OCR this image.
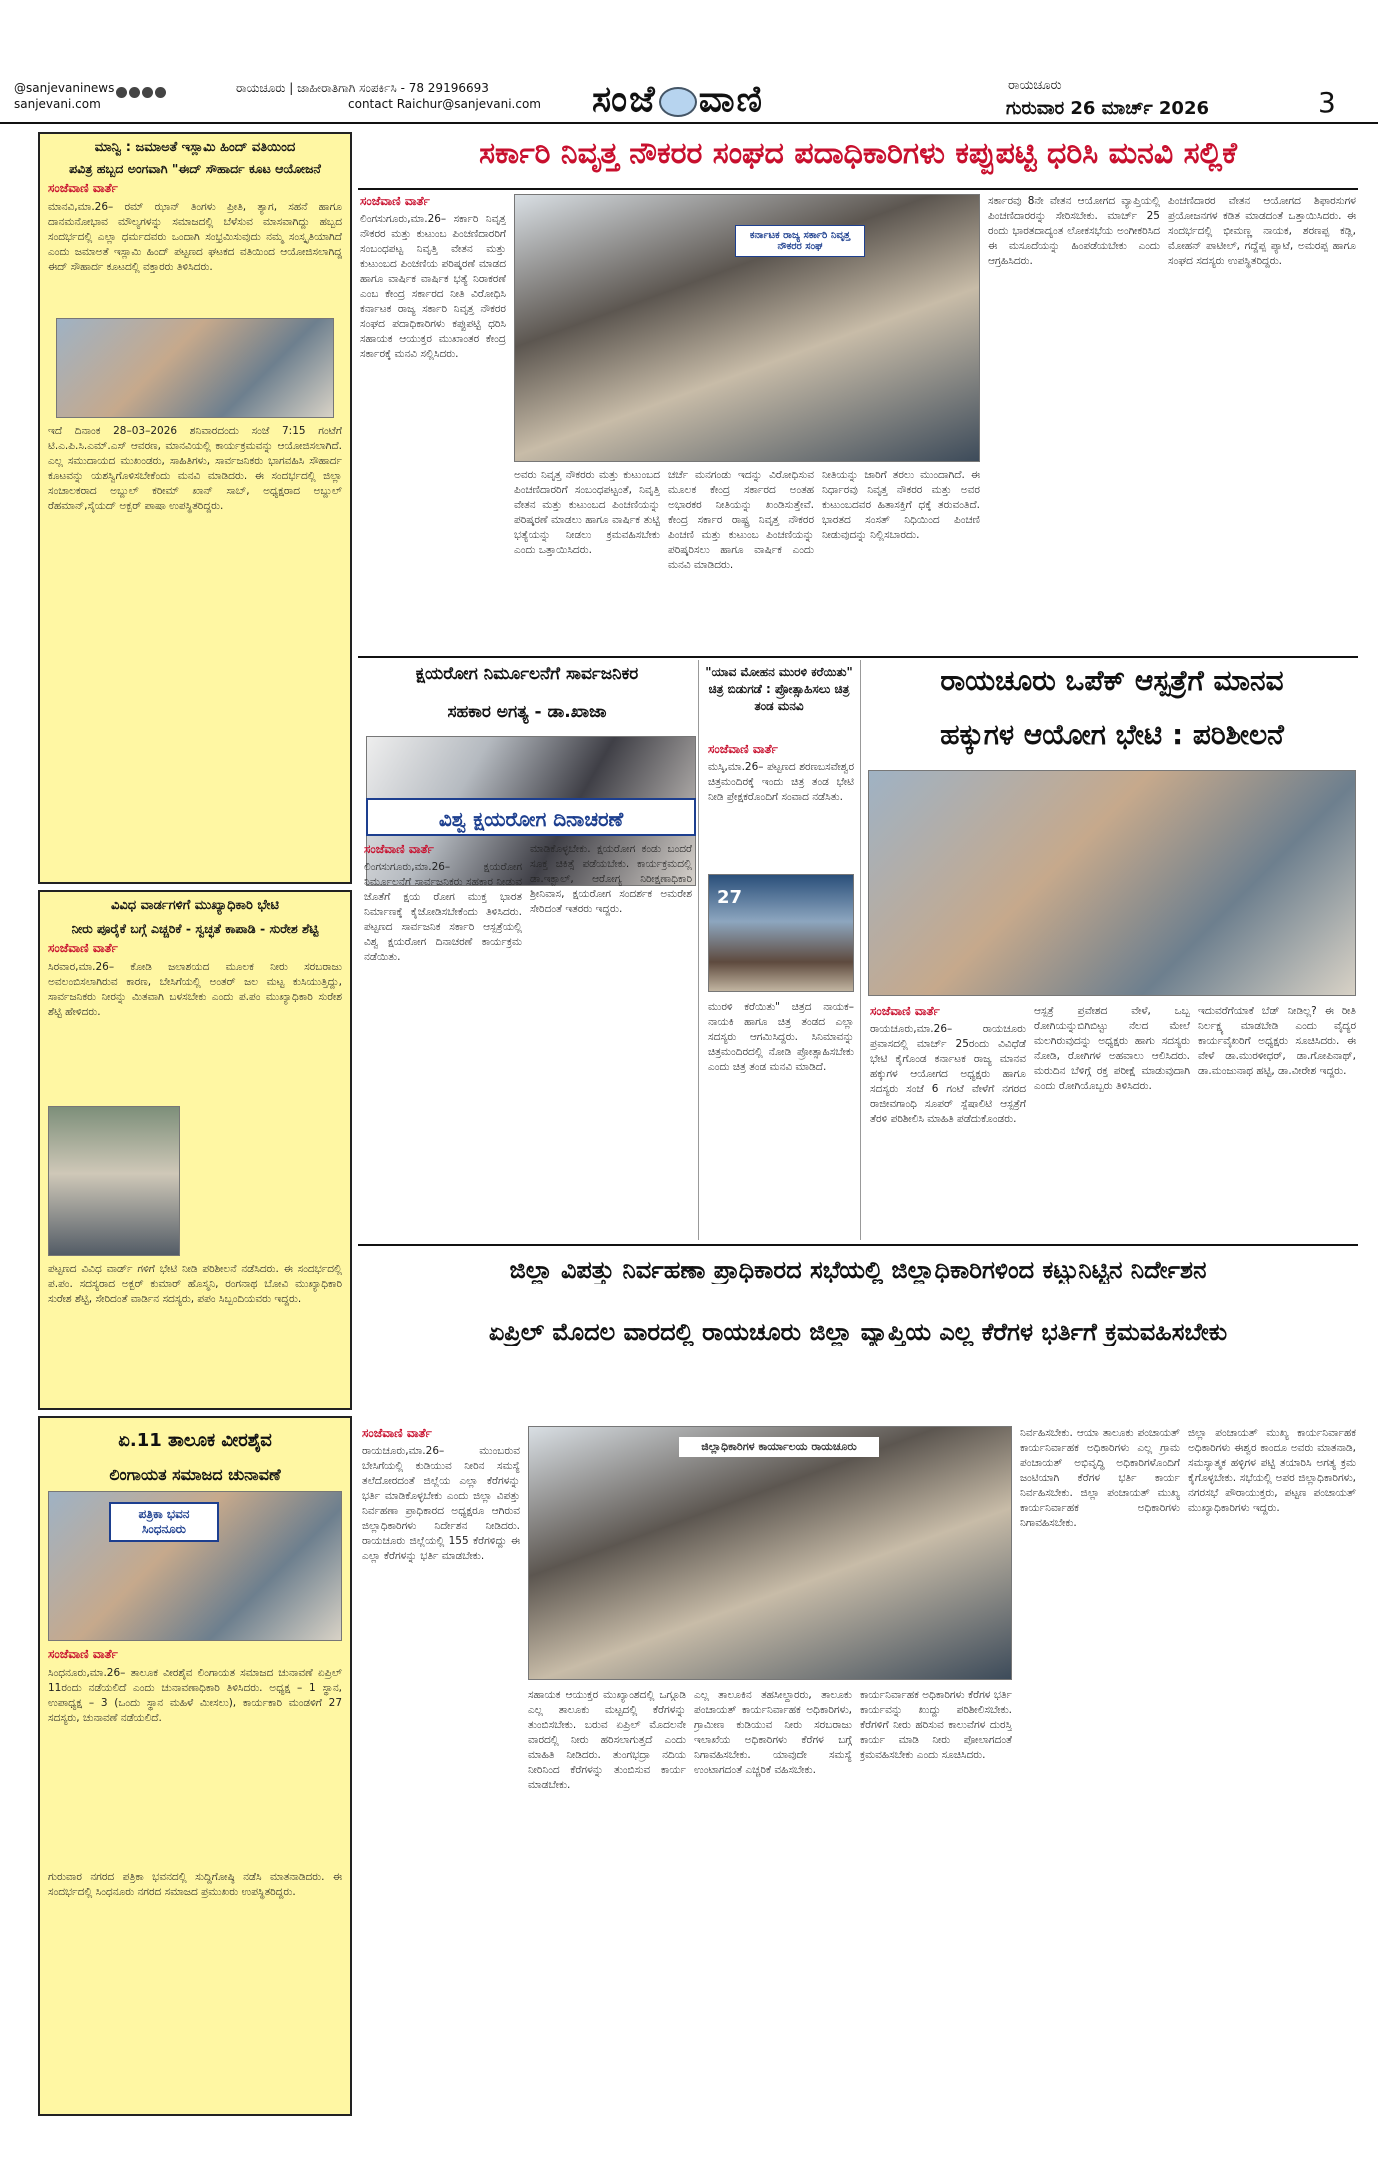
@sanjevaninews
sanjevani.com
ರಾಯಚೂರು | ಜಾಹೀರಾತಿಗಾಗಿ ಸಂಪರ್ಕಿಸಿ - 78 29196693
contact Raichur@sanjevani.com ಸಂಜೆ ವಾಣಿ	ರಾಯಚೂರು
ಗುರುವಾರ 26 ಮಾರ್ಚ್ 2026	3
ಮಾನ್ವಿ : ಜಮಾಅತೆ ಇಸ್ಲಾಮಿ ಹಿಂದ್ ವತಿಯಿಂದ
ಪವಿತ್ರ ಹಬ್ಬದ ಅಂಗವಾಗಿ "ಈದ್ ಸೌಹಾರ್ದ ಕೂಟ ಆಯೋಜನೆ
ಸಂಜೆವಾಣಿ ವಾರ್ತೆ
ಮಾನವಿ,ಮಾ.26– ರಮ್ ಝಾನ್ ತಿಂಗಳು ಪ್ರೀತಿ, ತ್ಯಾಗ, ಸಹನೆ ಹಾಗೂ ದಾನಮನೋಭಾವ ಮೌಲ್ಯಗಳನ್ನು ಸಮಾಜದಲ್ಲಿ ಬೆಳೆಸುವ ಮಾಸವಾಗಿದ್ದು ಹಬ್ಬದ ಸಂದರ್ಭದಲ್ಲಿ ಎಲ್ಲಾ ಧರ್ಮದವರು ಒಂದಾಗಿ ಸಂಭ್ರಮಿಸುವುದು ನಮ್ಮ ಸಂಸ್ಕೃತಿಯಾಗಿದೆ ಎಂದು ಜಮಾಅತೆ ಇಸ್ಲಾಮಿ ಹಿಂದ್ ಪಟ್ಟಣದ ಘಟಕದ ವತಿಯಿಂದ ಆಯೋಜಿಸಲಾಗಿದ್ದ ಈದ್ ಸೌಹಾರ್ದ ಕೂಟದಲ್ಲಿ ವಕ್ತಾರರು ತಿಳಿಸಿದರು.
ಇದೆ ದಿನಾಂಕ 28–03–2026 ಶನಿವಾರದಂದು ಸಂಜೆ 7:15 ಗಂಟೆಗೆ ಟಿ.ಎ.ಪಿ.ಸಿ.ಎಮ್.ಎಸ್ ಆವರಣ, ಮಾನವಿಯಲ್ಲಿ ಕಾರ್ಯಕ್ರಮವನ್ನು ಆಯೋಜಿಸಲಾಗಿದೆ. ಎಲ್ಲ ಸಮುದಾಯದ ಮುಖಂಡರು, ಸಾಹಿತಿಗಳು, ಸಾರ್ವಜನಿಕರು ಭಾಗವಹಿಸಿ ಸೌಹಾರ್ದ ಕೂಟವನ್ನು ಯಶಸ್ವಿಗೊಳಿಸಬೇಕೆಂದು ಮನವಿ ಮಾಡಿದರು. ಈ ಸಂದರ್ಭದಲ್ಲಿ ಜಿಲ್ಲಾ ಸಂಚಾಲಕರಾದ ಅಬ್ದುಲ್ ಕರೀಮ್ ಖಾನ್ ಸಾಬ್, ಅಧ್ಯಕ್ಷರಾದ ಅಬ್ದುಲ್ ರೆಹಮಾನ್,ಸೈಯದ್ ಅಕ್ಬರ್ ಪಾಷಾ ಉಪಸ್ಥಿತರಿದ್ದರು.
ವಿವಿಧ ವಾರ್ಡಗಳಿಗೆ ಮುಖ್ಯಾಧಿಕಾರಿ ಭೇಟಿ
ನೀರು ಪೂರೈಕೆ ಬಗ್ಗೆ ಎಚ್ಚರಿಕೆ - ಸ್ವಚ್ಛತೆ ಕಾಪಾಡಿ - ಸುರೇಶ ಶೆಟ್ಟಿ
ಸಂಜೆವಾಣಿ ವಾರ್ತೆ
ಸಿರವಾರ,ಮಾ.26– ಕೋಡಿ ಜಲಾಶಯದ ಮೂಲಕ ನೀರು ಸರಬರಾಜು ಅವಲಂಬಿಸಲಾಗಿರುವ ಕಾರಣ, ಬೇಸಿಗೆಯಲ್ಲಿ ಅಂತರ್ ಜಲ ಮಟ್ಟ ಕುಸಿಯುತ್ತಿದ್ದು, ಸಾರ್ವಜನಿಕರು ನೀರನ್ನು ಮಿತವಾಗಿ ಬಳಸಬೇಕು ಎಂದು ಪ.ಪಂ ಮುಖ್ಯಾಧಿಕಾರಿ ಸುರೇಶ ಶೆಟ್ಟಿ ಹೇಳಿದರು.
ಪಟ್ಟಣದ ವಿವಿಧ ವಾರ್ಡ್ ಗಳಿಗೆ ಭೇಟಿ ನೀಡಿ ಪರಿಶೀಲನೆ ನಡೆಸಿದರು. ಈ ಸಂದರ್ಭದಲ್ಲಿ ಪ.ಪಂ. ಸದಸ್ಯರಾದ ಅಕ್ಬರ್ ಕುಮಾರ್ ಹೊಸ್ಮನಿ, ರಂಗನಾಥ ಬೋವಿ ಮುಖ್ಯಾಧಿಕಾರಿ ಸುರೇಶ ಶೆಟ್ಟಿ, ಸೇರಿದಂತೆ ವಾರ್ಡಿನ ಸದಸ್ಯರು, ಪಪಂ ಸಿಬ್ಬಂದಿಯವರು ಇದ್ದರು.
ಏ.11 ತಾಲೂಕ ವೀರಶೈವ
ಲಿಂಗಾಯತ ಸಮಾಜದ ಚುನಾವಣೆ
ಪತ್ರಿಕಾ ಭವನ ಸಿಂಧನೂರು
ಸಂಜೆವಾಣಿ ವಾರ್ತೆ
ಸಿಂಧನೂರು,ಮಾ.26– ತಾಲೂಕ ವೀರಶೈವ ಲಿಂಗಾಯತ ಸಮಾಜದ ಚುನಾವಣೆ ಏಪ್ರಿಲ್ 11ರಂದು ನಡೆಯಲಿದೆ ಎಂದು ಚುನಾವಣಾಧಿಕಾರಿ ತಿಳಿಸಿದರು. ಅಧ್ಯಕ್ಷ – 1 ಸ್ಥಾನ, ಉಪಾಧ್ಯಕ್ಷ – 3 (ಒಂದು ಸ್ಥಾನ ಮಹಿಳೆ ಮೀಸಲು), ಕಾರ್ಯಕಾರಿ ಮಂಡಳಿಗೆ 27 ಸದಸ್ಯರು, ಚುನಾವಣೆ ನಡೆಯಲಿದೆ.
ಗುರುವಾರ ನಗರದ ಪತ್ರಿಕಾ ಭವನದಲ್ಲಿ ಸುದ್ದಿಗೋಷ್ಠಿ ನಡೆಸಿ ಮಾತನಾಡಿದರು. ಈ ಸಂದರ್ಭದಲ್ಲಿ ಸಿಂಧನೂರು ನಗರದ ಸಮಾಜದ ಪ್ರಮುಖರು ಉಪಸ್ಥಿತರಿದ್ದರು.
ಸರ್ಕಾರಿ ನಿವೃತ್ತ ನೌಕರರ ಸಂಘದ ಪದಾಧಿಕಾರಿಗಳು ಕಪ್ಪುಪಟ್ಟಿ ಧರಿಸಿ ಮನವಿ ಸಲ್ಲಿಕೆ
ಸಂಜೆವಾಣಿ ವಾರ್ತೆ
ಲಿಂಗಸುಗೂರು,ಮಾ.26– ಸರ್ಕಾರಿ ನಿವೃತ್ತ ನೌಕರರ ಮತ್ತು ಕುಟುಂಬ ಪಿಂಚಣಿದಾರರಿಗೆ ಸಂಬಂಧಪಟ್ಟ ನಿವೃತ್ತಿ ವೇತನ ಮತ್ತು ಕುಟುಂಬದ ಪಿಂಚಣಿಯ ಪರಿಷ್ಕರಣೆ ಮಾಡದ ಹಾಗೂ ವಾರ್ಷಿಕ ವಾರ್ಷಿಕ ಭತ್ಯೆ ನಿರಾಕರಣೆ ಎಂಬ ಕೇಂದ್ರ ಸರ್ಕಾರದ ನೀತಿ ವಿರೋಧಿಸಿ ಕರ್ನಾಟಕ ರಾಜ್ಯ ಸರ್ಕಾರಿ ನಿವೃತ್ತ ನೌಕರರ ಸಂಘದ ಪದಾಧಿಕಾರಿಗಳು ಕಪ್ಪುಪಟ್ಟಿ ಧರಿಸಿ ಸಹಾಯಕ ಆಯುಕ್ತರ ಮುಖಾಂತರ ಕೇಂದ್ರ ಸರ್ಕಾರಕ್ಕೆ ಮನವಿ ಸಲ್ಲಿಸಿದರು.
ಕರ್ನಾಟಕ ರಾಜ್ಯ ಸರ್ಕಾರಿ ನಿವೃತ್ತ ನೌಕರರ ಸಂಘ
ಅವರು ನಿವೃತ್ತ ನೌಕರರು ಮತ್ತು ಕುಟುಂಬದ ಪಿಂಚಣಿದಾರರಿಗೆ ಸಂಬಂಧಪಟ್ಟಂತೆ, ನಿವೃತ್ತಿ ವೇತನ ಮತ್ತು ಕುಟುಂಬದ ಪಿಂಚಣಿಯನ್ನು ಪರಿಷ್ಕರಣೆ ಮಾಡಲು ಹಾಗೂ ವಾರ್ಷಿಕ ತುಟ್ಟಿ ಭತ್ಯೆಯನ್ನು ನೀಡಲು ಕ್ರಮವಹಿಸಬೇಕು ಎಂದು ಒತ್ತಾಯಿಸಿದರು.
ಚರ್ಚೆ ಮನಗಂಡು ಇದನ್ನು ವಿರೋಧಿಸುವ ಮೂಲಕ ಕೇಂದ್ರ ಸರ್ಕಾರದ ಅಂತಹ ಅಭಾರಕರ ನೀತಿಯನ್ನು ಖಂಡಿಸುತ್ತೇವೆ. ಕೇಂದ್ರ ಸರ್ಕಾರ ರಾಷ್ಟ್ರ ನಿವೃತ್ತ ನೌಕರರ ಪಿಂಚಣಿ ಮತ್ತು ಕುಟುಂಬ ಪಿಂಚಣಿಯನ್ನು ಪರಿಷ್ಕರಿಸಲು ಹಾಗೂ ವಾರ್ಷಿಕ ಎಂದು ಮನವಿ ಮಾಡಿದರು.
ನೀತಿಯನ್ನು ಜಾರಿಗೆ ತರಲು ಮುಂದಾಗಿದೆ. ಈ ನಿರ್ಧಾರವು ನಿವೃತ್ತ ನೌಕರರ ಮತ್ತು ಅವರ ಕುಟುಂಬದವರ ಹಿತಾಸಕ್ತಿಗೆ ಧಕ್ಕೆ ತರುವಂತಿದೆ. ಭಾರತದ ಸಂಸತ್ ನಿಧಿಯಿಂದ ಪಿಂಚಣಿ ನೀಡುವುದನ್ನು ನಿಲ್ಲಿಸಬಾರದು.
ಸರ್ಕಾರವು 8ನೇ ವೇತನ ಆಯೋಗದ ವ್ಯಾಪ್ತಿಯಲ್ಲಿ ಪಿಂಚಣಿದಾರರನ್ನು ಸೇರಿಸಬೇಕು. ಮಾರ್ಚ್ 25 ರಂದು ಭಾರತದಾದ್ಯಂತ ಲೋಕಸಭೆಯ ಅಂಗೀಕರಿಸಿದ ಈ ಮಸೂದೆಯನ್ನು ಹಿಂಪಡೆಯಬೇಕು ಎಂದು ಆಗ್ರಹಿಸಿದರು.
ಪಿಂಚಣಿದಾರರ ವೇತನ ಆಯೋಗದ ಶಿಫಾರಸುಗಳ ಪ್ರಯೋಜನಗಳ ಕಡಿತ ಮಾಡದಂತೆ ಒತ್ತಾಯಿಸಿದರು. ಈ ಸಂದರ್ಭದಲ್ಲಿ ಭೀಮಣ್ಣ ನಾಯಕ, ಶರಣಪ್ಪ ಕಡ್ಲಿ, ಮೋಹನ್ ಪಾಟೀಲ್, ಗದ್ದೆಪ್ಪ ಪ್ಯಾಟೆ, ಅಮರಪ್ಪ ಹಾಗೂ ಸಂಘದ ಸದಸ್ಯರು ಉಪಸ್ಥಿತರಿದ್ದರು.
ಕ್ಷಯರೋಗ ನಿರ್ಮೂಲನೆಗೆ ಸಾರ್ವಜನಿಕರ
ಸಹಕಾರ ಅಗತ್ಯ - ಡಾ.ಖಾಜಾ
ವಿಶ್ವ ಕ್ಷಯರೋಗ ದಿನಾಚರಣೆ
ಸಂಜೆವಾಣಿ ವಾರ್ತೆ
ಲಿಂಗಸುಗೂರು,ಮಾ.26– ಕ್ಷಯರೋಗ ನಿರ್ಮೂಲನೆಗೆ ಸಾರ್ವಜನಿಕರು ಸಹಕಾರ ನೀಡುವ ಜೊತೆಗೆ ಕ್ಷಯ ರೋಗ ಮುಕ್ತ ಭಾರತ ನಿರ್ಮಾಣಕ್ಕೆ ಕೈಜೋಡಿಸಬೇಕೆಂದು ತಿಳಿಸಿದರು. ಪಟ್ಟಣದ ಸಾರ್ವಜನಿಕ ಸರ್ಕಾರಿ ಆಸ್ಪತ್ರೆಯಲ್ಲಿ ವಿಶ್ವ ಕ್ಷಯರೋಗ ದಿನಾಚರಣೆ ಕಾರ್ಯಕ್ರಮ ನಡೆಯಿತು.
ಮಾಡಿಕೊಳ್ಳಬೇಕು. ಕ್ಷಯರೋಗ ಕಂಡು ಬಂದರೆ ಸೂಕ್ತ ಚಿಕಿತ್ಸೆ ಪಡೆಯಬೇಕು. ಕಾರ್ಯಕ್ರಮದಲ್ಲಿ ಡಾ.ಇಕ್ಬಾಲ್, ಆರೋಗ್ಯ ನಿರೀಕ್ಷಣಾಧಿಕಾರಿ ಶ್ರೀನಿವಾಸ, ಕ್ಷಯರೋಗ ಸಂದರ್ಶಕ ಅಮರೇಶ ಸೇರಿದಂತೆ ಇತರರು ಇದ್ದರು.
"ಯಾವ ಮೋಹನ ಮುರಳಿ ಕರೆಯಿತು" ಚಿತ್ರ ಬಿಡುಗಡೆ : ಪ್ರೋತ್ಸಾಹಿಸಲು ಚಿತ್ರ ತಂಡ ಮನವಿ
ಸಂಜೆವಾಣಿ ವಾರ್ತೆ
ಮಸ್ಕಿ,ಮಾ.26– ಪಟ್ಟಣದ ಶರಣಬಸವೇಶ್ವರ ಚಿತ್ರಮಂದಿರಕ್ಕೆ ಇಂದು ಚಿತ್ರ ತಂಡ ಭೇಟಿ ನೀಡಿ ಪ್ರೇಕ್ಷಕರೊಂದಿಗೆ ಸಂವಾದ ನಡೆಸಿತು.
27
ಮುರಳಿ ಕರೆಯಿತು" ಚಿತ್ರದ ನಾಯಕ–ನಾಯಕಿ ಹಾಗೂ ಚಿತ್ರ ತಂಡದ ಎಲ್ಲಾ ಸದಸ್ಯರು ಆಗಮಿಸಿದ್ದರು. ಸಿನಿಮಾವನ್ನು ಚಿತ್ರಮಂದಿರದಲ್ಲಿ ನೋಡಿ ಪ್ರೋತ್ಸಾಹಿಸಬೇಕು ಎಂದು ಚಿತ್ರ ತಂಡ ಮನವಿ ಮಾಡಿದೆ.
ರಾಯಚೂರು ಒಪೆಕ್ ಆಸ್ಪತ್ರೆಗೆ ಮಾನವ
ಹಕ್ಕುಗಳ ಆಯೋಗ ಭೇಟಿ : ಪರಿಶೀಲನೆ
ಸಂಜೆವಾಣಿ ವಾರ್ತೆ
ರಾಯಚೂರು,ಮಾ.26– ರಾಯಚೂರು ಪ್ರವಾಸದಲ್ಲಿ ಮಾರ್ಚ್ 25ರಂದು ವಿವಿಧೆಡೆ ಭೇಟಿ ಕೈಗೊಂಡ ಕರ್ನಾಟಕ ರಾಜ್ಯ ಮಾನವ ಹಕ್ಕುಗಳ ಆಯೋಗದ ಅಧ್ಯಕ್ಷರು ಹಾಗೂ ಸದಸ್ಯರು ಸಂಜೆ 6 ಗಂಟೆ ವೇಳೆಗೆ ನಗರದ ರಾಜೀವಗಾಂಧಿ ಸೂಪರ್ ಸ್ಪೆಷಾಲಿಟಿ ಆಸ್ಪತ್ರೆಗೆ ತೆರಳಿ ಪರಿಶೀಲಿಸಿ ಮಾಹಿತಿ ಪಡೆದುಕೊಂಡರು.
ಆಸ್ಪತ್ರೆ ಪ್ರವೇಶದ ವೇಳೆ, ಒಬ್ಬ ರೋಗಿಯನ್ನುಬಿಗಿಬಿಟ್ಟು ನೆಲದ ಮೇಲೆ ಮಲಗಿರುವುದನ್ನು ಅಧ್ಯಕ್ಷರು ಹಾಗು ಸದಸ್ಯರು ನೋಡಿ, ರೋಗಿಗಳ ಅಹವಾಲು ಆಲಿಸಿದರು. ಮರುದಿನ ಬೆಳಿಗ್ಗೆ ರಕ್ತ ಪರೀಕ್ಷೆ ಮಾಡುವುದಾಗಿ ಎಂದು ರೋಗಿಯೊಬ್ಬರು ತಿಳಿಸಿದರು.
ಇದುವರೆಗೆಯಾಕೆ ಬೆಡ್ ನೀಡಿಲ್ಲ? ಈ ರೀತಿ ನಿರ್ಲಕ್ಷ್ಯ ಮಾಡಬೇಡಿ ಎಂದು ವೈದ್ಯರ ಕಾರ್ಯವೈಖರಿಗೆ ಅಧ್ಯಕ್ಷರು ಸೂಚಿಸಿದರು. ಈ ವೇಳೆ ಡಾ.ಮುರಳೀಧರ್, ಡಾ.ಗೋಪಿನಾಥ್, ಡಾ.ಮಂಜುನಾಥ ಹಟ್ಟಿ, ಡಾ.ವೀರೇಶ ಇದ್ದರು.
ಜಿಲ್ಲಾ ವಿಪತ್ತು ನಿರ್ವಹಣಾ ಪ್ರಾಧಿಕಾರದ ಸಭೆಯಲ್ಲಿ ಜಿಲ್ಲಾಧಿಕಾರಿಗಳಿಂದ ಕಟ್ಟುನಿಟ್ಟಿನ ನಿರ್ದೇಶನ
ಏಪ್ರಿಲ್ ಮೊದಲ ವಾರದಲ್ಲಿ ರಾಯಚೂರು ಜಿಲ್ಲಾ ವ್ಯಾಪ್ತಿಯ ಎಲ್ಲ ಕೆರೆಗಳ ಭರ್ತಿಗೆ ಕ್ರಮವಹಿಸಬೇಕು
ಸಂಜೆವಾಣಿ ವಾರ್ತೆ
ರಾಯಚೂರು,ಮಾ.26– ಮುಂಬರುವ ಬೇಸಿಗೆಯಲ್ಲಿ ಕುಡಿಯುವ ನೀರಿನ ಸಮಸ್ಯೆ ತಲೆದೋರದಂತೆ ಜಿಲ್ಲೆಯ ಎಲ್ಲಾ ಕೆರೆಗಳನ್ನು ಭರ್ತಿ ಮಾಡಿಕೊಳ್ಳಬೇಕು ಎಂದು ಜಿಲ್ಲಾ ವಿಪತ್ತು ನಿರ್ವಹಣಾ ಪ್ರಾಧಿಕಾರದ ಅಧ್ಯಕ್ಷರೂ ಆಗಿರುವ ಜಿಲ್ಲಾಧಿಕಾರಿಗಳು ನಿರ್ದೇಶನ ನೀಡಿದರು. ರಾಯಚೂರು ಜಿಲ್ಲೆಯಲ್ಲಿ 155 ಕೆರೆಗಳಿದ್ದು ಈ ಎಲ್ಲಾ ಕೆರೆಗಳನ್ನು ಭರ್ತಿ ಮಾಡಬೇಕು.
ಜಿಲ್ಲಾಧಿಕಾರಿಗಳ ಕಾರ್ಯಾಲಯ ರಾಯಚೂರು
ಸಹಾಯಕ ಆಯುಕ್ತರ ಮುಖ್ಯಾಂಶದಲ್ಲಿ ಒಗ್ಗೂಡಿ ಎಲ್ಲ ತಾಲೂಕು ಮಟ್ಟದಲ್ಲಿ ಕೆರೆಗಳನ್ನು ತುಂಬಿಸಬೇಕು. ಬರುವ ಏಪ್ರಿಲ್ ಮೊದಲನೇ ವಾರದಲ್ಲಿ ನೀರು ಹರಿಸಲಾಗುತ್ತದೆ ಎಂದು ಮಾಹಿತಿ ನೀಡಿದರು. ತುಂಗಭದ್ರಾ ನದಿಯ ನೀರಿನಿಂದ ಕೆರೆಗಳನ್ನು ತುಂಬಿಸುವ ಕಾರ್ಯ ಮಾಡಬೇಕು.
ಎಲ್ಲ ತಾಲೂಕಿನ ತಹಸೀಲ್ದಾರರು, ತಾಲೂಕು ಪಂಚಾಯತ್ ಕಾರ್ಯನಿರ್ವಾಹಕ ಅಧಿಕಾರಿಗಳು, ಗ್ರಾಮೀಣ ಕುಡಿಯುವ ನೀರು ಸರಬರಾಜು ಇಲಾಖೆಯ ಅಧಿಕಾರಿಗಳು ಕೆರೆಗಳ ಬಗ್ಗೆ ನಿಗಾವಹಿಸಬೇಕು. ಯಾವುದೇ ಸಮಸ್ಯೆ ಉಂಟಾಗದಂತೆ ಎಚ್ಚರಿಕೆ ವಹಿಸಬೇಕು.
ಕಾರ್ಯನಿರ್ವಾಹಕ ಅಧಿಕಾರಿಗಳು ಕೆರೆಗಳ ಭರ್ತಿ ಕಾರ್ಯವನ್ನು ಖುದ್ದು ಪರಿಶೀಲಿಸಬೇಕು. ಕೆರೆಗಳಿಗೆ ನೀರು ಹರಿಸುವ ಕಾಲುವೆಗಳ ದುರಸ್ತಿ ಕಾರ್ಯ ಮಾಡಿ ನೀರು ಪೋಲಾಗದಂತೆ ಕ್ರಮವಹಿಸಬೇಕು ಎಂದು ಸೂಚಿಸಿದರು.
ನಿರ್ವಹಿಸಬೇಕು. ಆಯಾ ತಾಲೂಕು ಪಂಚಾಯತ್ ಕಾರ್ಯನಿರ್ವಾಹಕ ಅಧಿಕಾರಿಗಳು ಎಲ್ಲ ಗ್ರಾಮ ಪಂಚಾಯತ್ ಅಭಿವೃದ್ಧಿ ಅಧಿಕಾರಿಗಳೊಂದಿಗೆ ಜಂಟಿಯಾಗಿ ಕೆರೆಗಳ ಭರ್ತಿ ಕಾರ್ಯ ನಿರ್ವಹಿಸಬೇಕು. ಜಿಲ್ಲಾ ಪಂಚಾಯತ್ ಮುಖ್ಯ ಕಾರ್ಯನಿರ್ವಾಹಕ ಅಧಿಕಾರಿಗಳು ನಿಗಾವಹಿಸಬೇಕು.
ಜಿಲ್ಲಾ ಪಂಚಾಯತ್ ಮುಖ್ಯ ಕಾರ್ಯನಿರ್ವಾಹಕ ಅಧಿಕಾರಿಗಳು ಈಶ್ವರ ಕಾಂದೂ ಅವರು ಮಾತನಾಡಿ, ಸಮಸ್ಯಾತ್ಮಕ ಹಳ್ಳಿಗಳ ಪಟ್ಟಿ ತಯಾರಿಸಿ ಅಗತ್ಯ ಕ್ರಮ ಕೈಗೊಳ್ಳಬೇಕು. ಸಭೆಯಲ್ಲಿ ಅಪರ ಜಿಲ್ಲಾಧಿಕಾರಿಗಳು, ನಗರಸಭೆ ಪೌರಾಯುಕ್ತರು, ಪಟ್ಟಣ ಪಂಚಾಯತ್ ಮುಖ್ಯಾಧಿಕಾರಿಗಳು ಇದ್ದರು.
